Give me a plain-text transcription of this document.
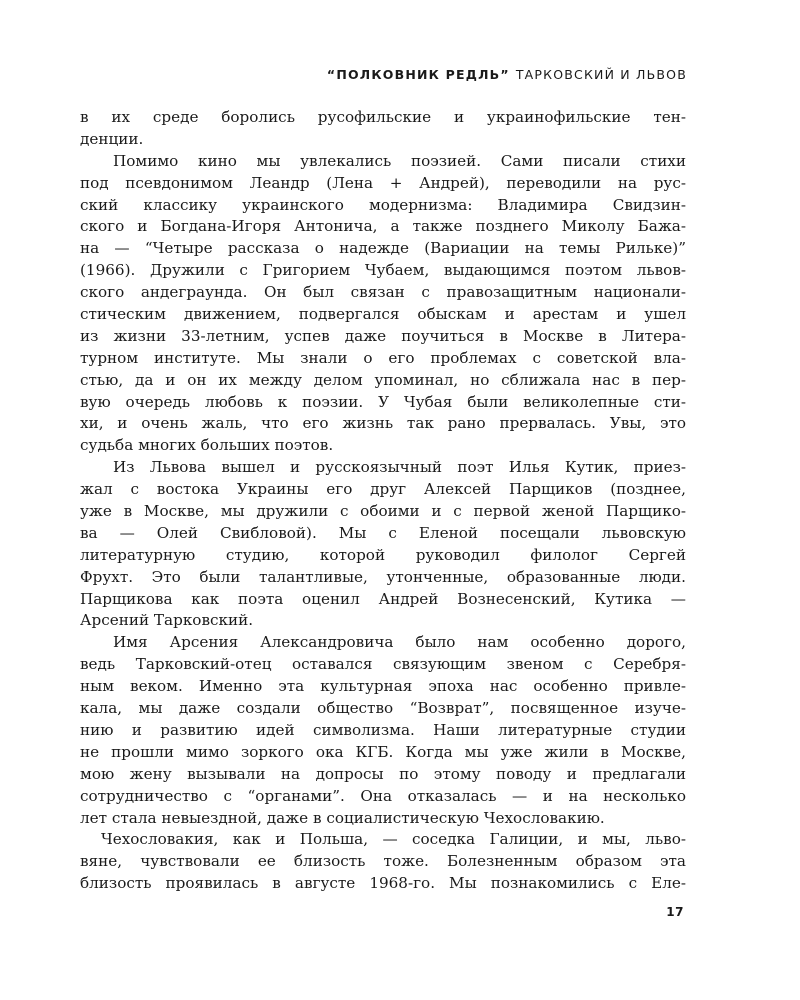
“ПОЛКОВНИК РЕДЛЬ” ТАРКОВСКИЙ И ЛЬВОВ
в их среде боролись русофильские и украинофильские тен-
денции.
Помимо кино мы увлекались поэзией. Сами писали стихи
под псевдонимом Леандр (Лена + Андрей), переводили на рус-
ский классику украинского модернизма: Владимира Свидзин-
ского и Богдана-Игоря Антонича, а также позднего Миколу Бажа-
на — “Четыре рассказа о надежде (Вариации на темы Рильке)”
(1966). Дружили с Григорием Чубаем, выдающимся поэтом львов-
ского андеграунда. Он был связан с правозащитным национали-
стическим движением, подвергался обыскам и арестам и ушел
из жизни 33-летним, успев даже поучиться в Москве в Литера-
турном институте. Мы знали о его проблемах с советской вла-
стью, да и он их между делом упоминал, но сближала нас в пер-
вую очередь любовь к поэзии. У Чубая были великолепные сти-
хи, и очень жаль, что его жизнь так рано прервалась. Увы, это
судьба многих больших поэтов.
Из Львова вышел и русскоязычный поэт Илья Кутик, приез-
жал с востока Украины его друг Алексей Парщиков (позднее,
уже в Москве, мы дружили с обоими и с первой женой Парщико-
ва — Олей Свибловой). Мы с Еленой посещали львовскую
литературную студию, которой руководил филолог Сергей
Фрухт. Это были талантливые, утонченные, образованные люди.
Парщикова как поэта оценил Андрей Вознесенский, Кутика —
Арсений Тарковский.
Имя Арсения Александровича было нам особенно дорого,
ведь Тарковский-отец оставался связующим звеном с Серебря-
ным веком. Именно эта культурная эпоха нас особенно привле-
кала, мы даже создали общество “Возврат”, посвященное изуче-
нию и развитию идей символизма. Наши литературные студии
не прошли мимо зоркого ока КГБ. Когда мы уже жили в Москве,
мою жену вызывали на допросы по этому поводу и предлагали
сотрудничество с “органами”. Она отказалась — и на несколько
лет стала невыездной, даже в социалистическую Чехословакию.
Чехословакия, как и Польша, — соседка Галиции, и мы, льво-
вяне, чувствовали ее близость тоже. Болезненным образом эта
близость проявилась в августе 1968-го. Мы познакомились с Еле-
17
